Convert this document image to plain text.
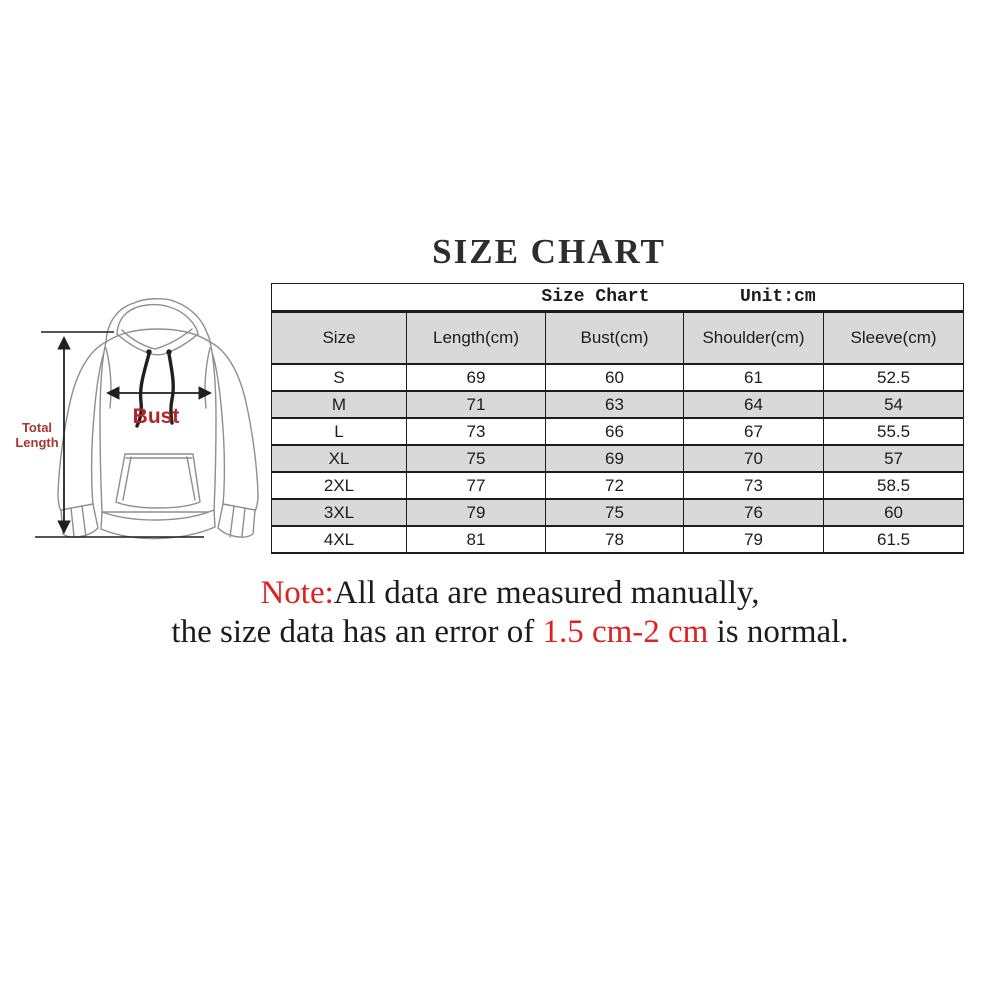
SIZE CHART
Total
Length
Bust
Size Chart Unit:cm				

Size	Length(cm)	Bust(cm)	Shoulder(cm)	Sleeve(cm)
S	69	60	61	52.5
M	71	63	64	54
L	73	66	67	55.5
XL	75	69	70	57
2XL	77	72	73	58.5
3XL	79	75	76	60
4XL	81	78	79	61.5
Note:All data are measured manually,
the size data has an error of 1.5 cm-2 cm is normal.
